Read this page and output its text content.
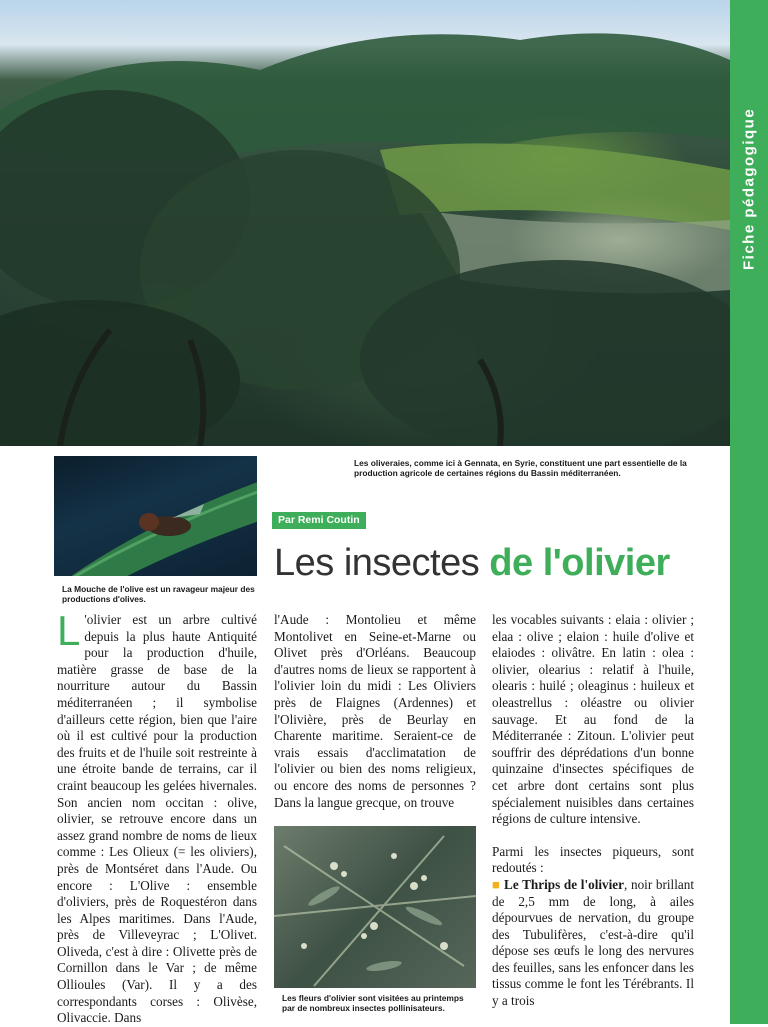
Fiche pédagogique
La Mouche de l'olive est un ravageur majeur des productions d'olives.
Les oliveraies, comme ici à Gennata, en Syrie, constituent une part essentielle de la production agricole de certaines régions du Bassin méditerranéen.
Par Remi Coutin
Les insectes de l'olivier
L 'olivier est un arbre cultivé depuis la plus haute Antiquité pour la production d'huile, matière grasse de base de la nourriture autour du Bassin méditerranéen ; il symbolise d'ailleurs cette région, bien que l'aire où il est cultivé pour la production des fruits et de l'huile soit restreinte à une étroite bande de terrains, car il craint beaucoup les gelées hivernales. Son ancien nom occitan : olive, olivier, se retrouve encore dans un assez grand nombre de noms de lieux comme : Les Olieux (= les oliviers), près de Montséret dans l'Aude. Ou encore : L'Olive : ensemble d'oliviers, près de Roquestéron dans les Alpes maritimes. Dans l'Aude, près de Villeveyrac ; L'Olivet. Oliveda, c'est à dire : Olivette près de Cornillon dans le Var ; de même Ollioules (Var). Il y a des correspondants corses : Olivèse, Olivaccie. Dans
l'Aude : Montolieu et même Montolivet en Seine-et-Marne ou Olivet près d'Orléans. Beaucoup d'autres noms de lieux se rapportent à l'olivier loin du midi : Les Oliviers près de Flaignes (Ardennes) et l'Olivière, près de Beurlay en Charente maritime. Seraient-ce de vrais essais d'acclimatation de l'olivier ou bien des noms religieux, ou encore des noms de personnes ? Dans la langue grecque, on trouve
Les fleurs d'olivier sont visitées au printemps par de nombreux insectes pollinisateurs.
les vocables suivants : elaia : olivier ; elaa : olive ; elaion : huile d'olive et elaiodes : olivâtre. En latin : olea : olivier, olearius : relatif à l'huile, olearis : huilé ; oleaginus : huileux et oleastrellus : oléastre ou olivier sauvage. Et au fond de la Méditerranée : Zitoun. L'olivier peut souffrir des déprédations d'un bonne quinzaine d'insectes spécifiques de cet arbre dont certains sont plus spécialement nuisibles dans certaines régions de culture intensive.
Parmi les insectes piqueurs, sont redoutés :
■ Le Thrips de l'olivier, noir brillant de 2,5 mm de long, à ailes dépourvues de nervation, du groupe des Tubulifères, c'est-à-dire qu'il dépose ses œufs le long des nervures des feuilles, sans les enfoncer dans les tissus comme le font les Térébrants. Il y a trois
